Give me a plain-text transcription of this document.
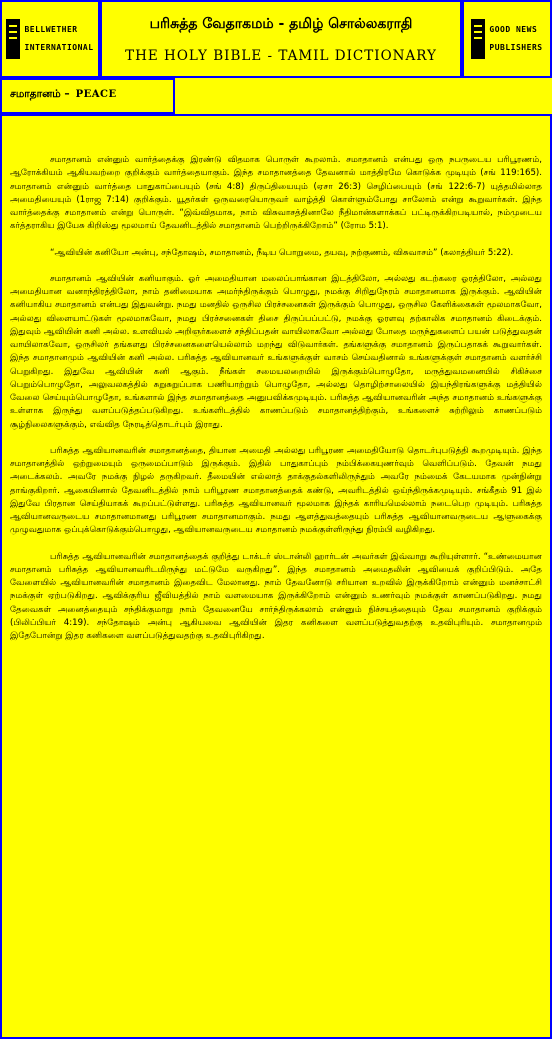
BELLWETHER
INTERNATIONAL
பரிசுத்த வேதாகமம் - தமிழ் சொல்லகராதி
THE HOLY BIBLE - TAMIL DICTIONARY
GOOD NEWS
PUBLISHERS
சமாதானம் – PEACE

சமாதானம் என்னும் வார்த்தைக்கு இரண்டு விதமாக பொருள் கூறலாம். சமாதானம் என்பது ஒரு நபருடைய பரிபூரணம், ஆரோக்கியம் ஆகியவற்றை குறிக்கும் வார்த்தையாகும். இந்த சமாதானத்தை தேவனால் மாத்திரமே கொடுக்க முடியும் (சங் 119:165). சமாதானம் என்னும் வார்த்தை பாதுகாப்பையும் (சங் 4:8) திருப்தியையும் (ஏசா 26:3) செழிப்பையும் (சங் 122:6-7) யுத்தமில்லாத அமைதியையும் (1ராஜ 7:14) குறிக்கும். யூதர்கள் ஒருவரையொருவர் வாழ்த்தி கொள்ளும்போது சாலோம் என்று கூறுவார்கள். இந்த வார்த்தைக்கு சமாதானம் என்று பொருள். “இவ்விதமாக, நாம் விசுவாசத்தினாலே நீதிமான்களாக்கப் பட்டிருக்கிறபடியால், நம்முடைய கர்த்தராகிய இயேசு கிறிஸ்து மூலமாய் தேவனிடத்தில் சமாதானம் பெற்றிருக்கிறோம்” (ரோம 5:1).

“ஆவியின் கனியோ அன்பு, சந்தோஷம், சமாதானம், நீடிய பொறுமை, தயவு, நற்குணம், விசுவாசம்” (கலாத்தியர் 5:22).

சமாதானம் ஆவியின் கனியாகும். ஓர் அமைதியான மலைப்பாங்கான இடத்திலோ, அல்லது கடற்கரை ஓரத்திலோ, அல்லது அமைதியான வனாந்திரத்திலோ, நாம் தனிமையாக அமர்ந்திருக்கும் பொழுது, நமக்கு சிறிதுநேரம் சமாதானமாக இருக்கும். ஆவியின் கனியாகிய சமாதானம் என்பது இதுவன்று. நமது மனதில் ஒருசில பிரச்சனைகள் இருக்கும் பொழுது, ஒருசில கேளிக்கைகள் மூலமாகவோ, அல்லது விளையாட்டுகள் மூலமாகவோ, நமது பிரச்சனைகள் திசை திருப்பப்பட்டு, நமக்கு ஓரளவு தற்காலிக சமாதானம் கிடைக்கும். இதுவும் ஆவியின் கனி அல்ல. உளவியல் அறிஞர்களைச் சந்திப்பதன் வாயிலாகவோ அல்லது போதை மருந்துகளைப் பயன் படுத்துவதன் வாயிலாகவோ, ஒருசிலர் தங்களது பிரச்சனைகளையெல்லாம் மறந்து விடுவார்கள். தங்களுக்கு சமாதானம் இருப்பதாகக் கூறுவார்கள். இந்த சமாதானமும் ஆவியின் கனி அல்ல. பரிசுத்த ஆவியானவர் உங்களுக்குள் வாசம் செய்வதினால் உங்களுக்குள் சமாதானம் வளர்ச்சி பெறுகிறது. இதுவே ஆவியின் கனி ஆகும். நீங்கள் சமையலறையில் இருக்கும்பொழுதோ, மருத்துவமனையில் சிகிச்சை பெறும்பொழுதோ, அலுவலகத்தில் சுறுசுறுப்பாக பணியாற்றும் பொழுதோ, அல்லது தொழிற்சாலையில் இயந்திரங்களுக்கு மத்தியில் வேலை செய்யும்பொழுதோ, உங்களால் இந்த சமாதானத்தை அனுபவிக்கமுடியும். பரிசுத்த ஆவியானவரின் அந்த சமாதானம் உங்களுக்கு உள்ளாக இருந்து வளப்படுத்தப்படுகிறது. உங்களிடத்தில் காணப்படும் சமாதானத்திற்கும், உங்களைச் சுற்றிலும் காணப்படும் சூழ்நிலைகளுக்கும், எவ்வித நேரடித்தொடர்பும் இராது.

பரிசுத்த ஆவியானவரின் சமாதானத்தை, தியான அமைதி அல்லது பரிபூரண அமைதியோடு தொடர்புபடுத்தி கூறமுடியும். இந்த சமாதானத்தில் ஒற்றுமையும் ஒருமைப்பாடும் இருக்கும். இதில் பாதுகாப்பும் நம்பிக்கையுணர்வும் வெளிப்படும். தேவன் நமது அடைக்கலம். அவரே நமக்கு நிழல் தருகிறவர். தீமையின் எல்லாத் தாக்குதல்களிலிருந்தும் அவரே நம்மைக் கேடயமாக முன்நின்று தாங்குகிறார். ஆகையினால் தேவனிடத்தில் நாம் பரிபூரண சமாதானத்தைக் கண்டு, அவரிடத்தில் ஒய்ந்திருக்கமுடியும். சங்கீதம் 91 இல் இதுவே பிரதான செய்தியாகக் கூறப்பட்டுள்ளது. பரிசுத்த ஆவியானவர் மூலமாக இந்தக் காரியமெல்லாம் நடைபெற முடியும். பரிசுத்த ஆவியானவருடைய சமாதானமானது பரிபூரண சமாதானமாகும். நமது ஆளத்துவத்தையும் பரிசுத்த ஆவியானவருடைய ஆளுகைக்கு முழுவதுமாக ஒப்புக்கொடுக்கும்பொழுது, ஆவியானவருடைய சமாதானம் நமக்குள்ளிருந்து நிரம்பி வழிகிறது.

பரிசுத்த ஆவியானவரின் சமாதானத்தைக் குறித்து டாக்டர் ஸ்டான்லி ஹார்டன் அவர்கள் இவ்வாறு கூறியுள்ளார். “உண்மையான சமாதானம் பரிசுத்த ஆவியானவரிடமிருந்து மட்டுமே வருகிறது”. இந்த சமாதானம் அமைதலின் ஆவியைக் குறிப்பிடும். அதே வேளையில் ஆவியானவரின் சமாதானம் இதைவிட மேலானது. நாம் தேவனோடு சரியான உறவில் இருக்கிறோம் என்னும் மனச்சாட்சி நமக்குள் ஏற்படுகிறது. ஆவிக்குரிய ஜீவியத்தில் நாம் வளமையாக இருக்கிறோம் என்னும் உணர்வும் நமக்குள் காணப்படுகிறது. நமது தேவைகள் அனைத்தையும் சந்திக்குமாறு நாம் தேவனையே சார்ந்திருக்கலாம் என்னும் நிச்சயத்தையும் தேவ சமாதானம் குறிக்கும் (பிலிப்பியர் 4:19). சந்தோஷம் அன்பு ஆகியவை ஆவியின் இதர கனிகளை வளப்படுத்துவதற்கு உதவிபுரியும். சமாதானமும் இதேபோன்று இதர கனிகளை வளப்படுத்துவதற்கு உதவிபுரிகிறது.
